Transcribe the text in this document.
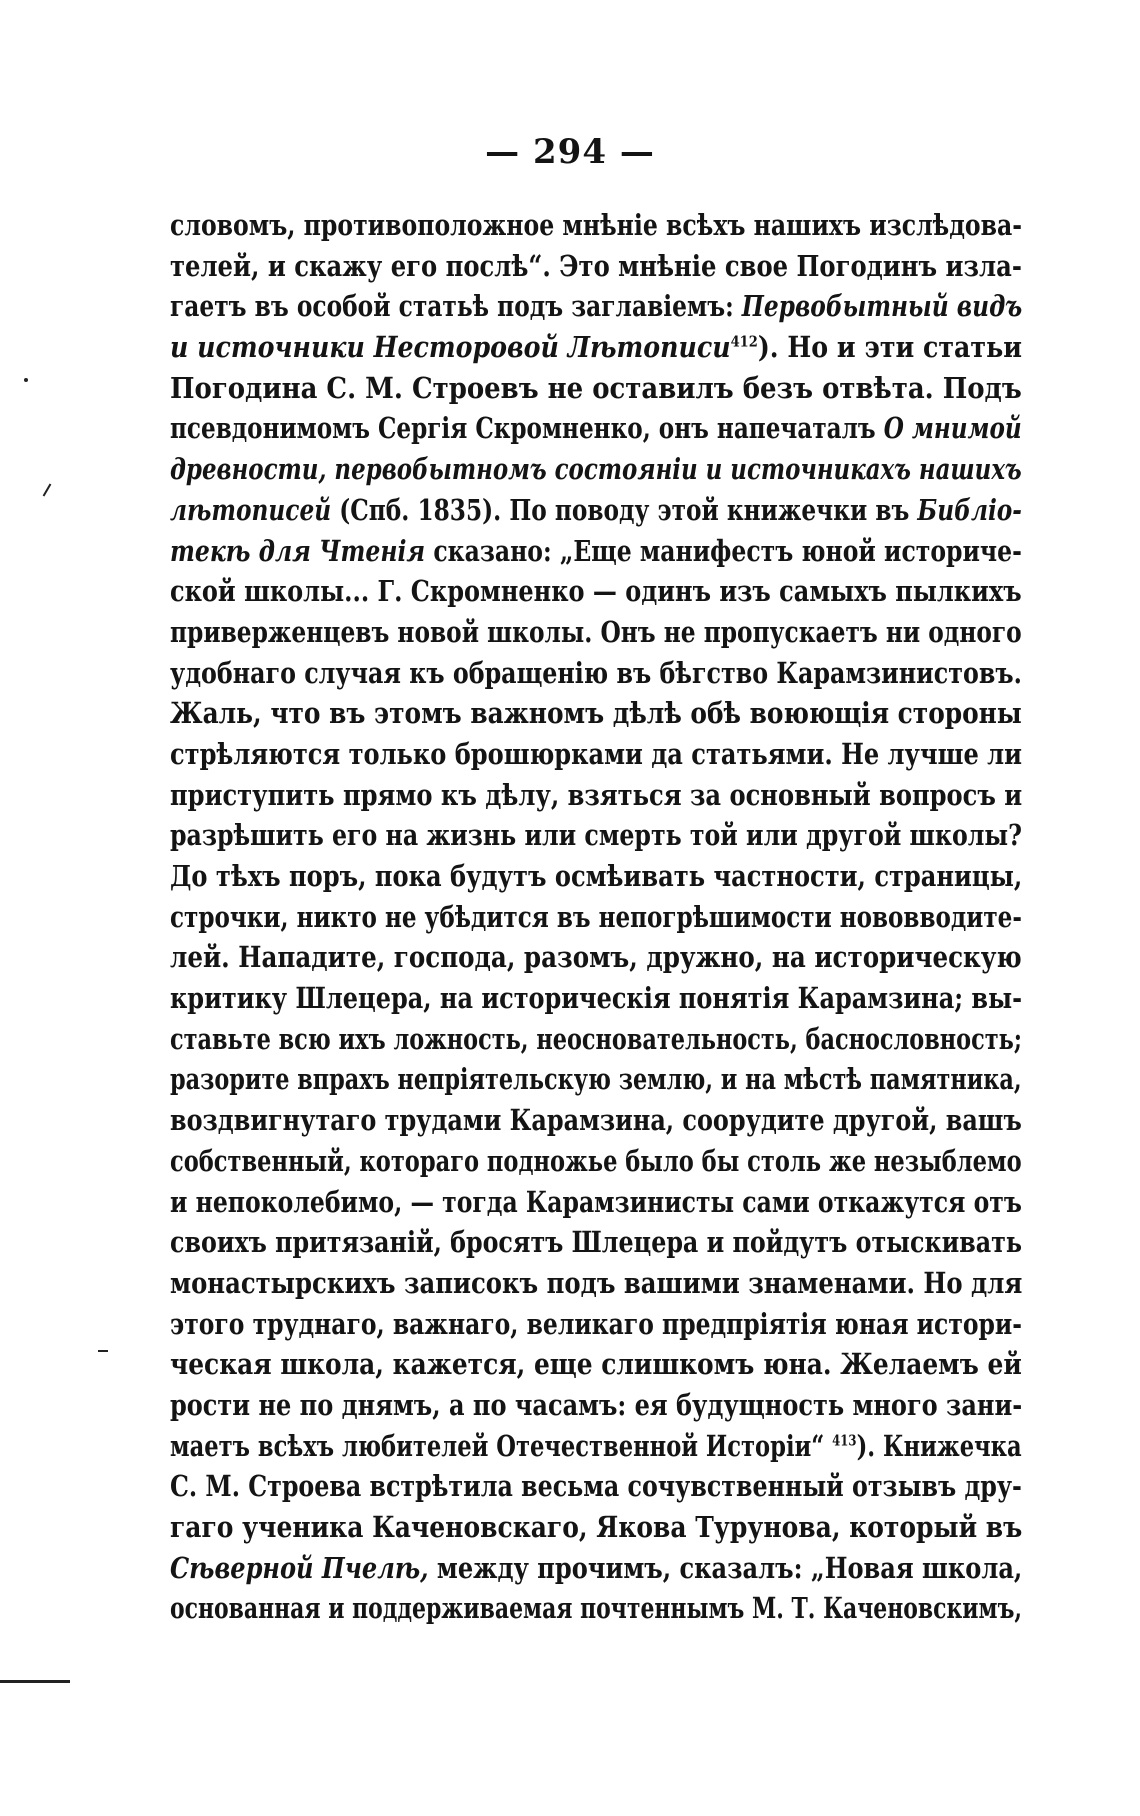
— 294 —
словомъ, противоположное мнѣніе всѣхъ нашихъ изслѣдова-
телей, и скажу его послѣ“. Это мнѣніе свое Погодинъ изла-
гаетъ въ особой статьѣ подъ заглавіемъ: Первобытный видъ
и источники Несторовой Лѣтописи$^{412}$). Но и эти статьи
Погодина С. М. Строевъ не оставилъ безъ отвѣта. Подъ
псевдонимомъ Сергія Скромненко, онъ напечаталъ О мнимой
древности, первобытномъ состояніи и источникахъ нашихъ
лѣтописей (Спб. 1835). По поводу этой книжечки въ Библіо-
текѣ для Чтенія сказано: „Еще манифестъ юной историче-
ской школы... Г. Скромненко — одинъ изъ самыхъ пылкихъ
приверженцевъ новой школы. Онъ не пропускаетъ ни одного
удобнаго случая къ обращенію въ бѣгство Карамзинистовъ.
Жаль, что въ этомъ важномъ дѣлѣ обѣ воюющія стороны
стрѣляются только брошюрками да статьями. Не лучше ли
приступить прямо къ дѣлу, взяться за основный вопросъ и
разрѣшить его на жизнь или смерть той или другой школы?
До тѣхъ поръ, пока будутъ осмѣивать частности, страницы,
строчки, никто не убѣдится въ непогрѣшимости нововводите-
лей. Нападите, господа, разомъ, дружно, на историческую
критику Шлецера, на историческія понятія Карамзина; вы-
ставьте всю ихъ ложность, неосновательность, баснословность;
разорите впрахъ непріятельскую землю, и на мѣстѣ памятника,
воздвигнутаго трудами Карамзина, соорудите другой, вашъ
собственный, котораго подножье было бы столь же незыблемо
и непоколебимо, — тогда Карамзинисты сами откажутся отъ
своихъ притязаній, бросятъ Шлецера и пойдутъ отыскивать
монастырскихъ записокъ подъ вашими знаменами. Но для
этого труднаго, важнаго, великаго предпріятія юная истори-
ческая школа, кажется, еще слишкомъ юна. Желаемъ ей
рости не по днямъ, а по часамъ: ея будущность много зани-
маетъ всѣхъ любителей Отечественной Исторіи“ $^{413}$). Книжечка
С. М. Строева встрѣтила весьма сочувственный отзывъ дру-
гаго ученика Каченовскаго, Якова Турунова, который въ
Сѣверной Пчелѣ, между прочимъ, сказалъ: „Новая школа,
основанная и поддерживаемая почтеннымъ М. Т. Каченовскимъ,
